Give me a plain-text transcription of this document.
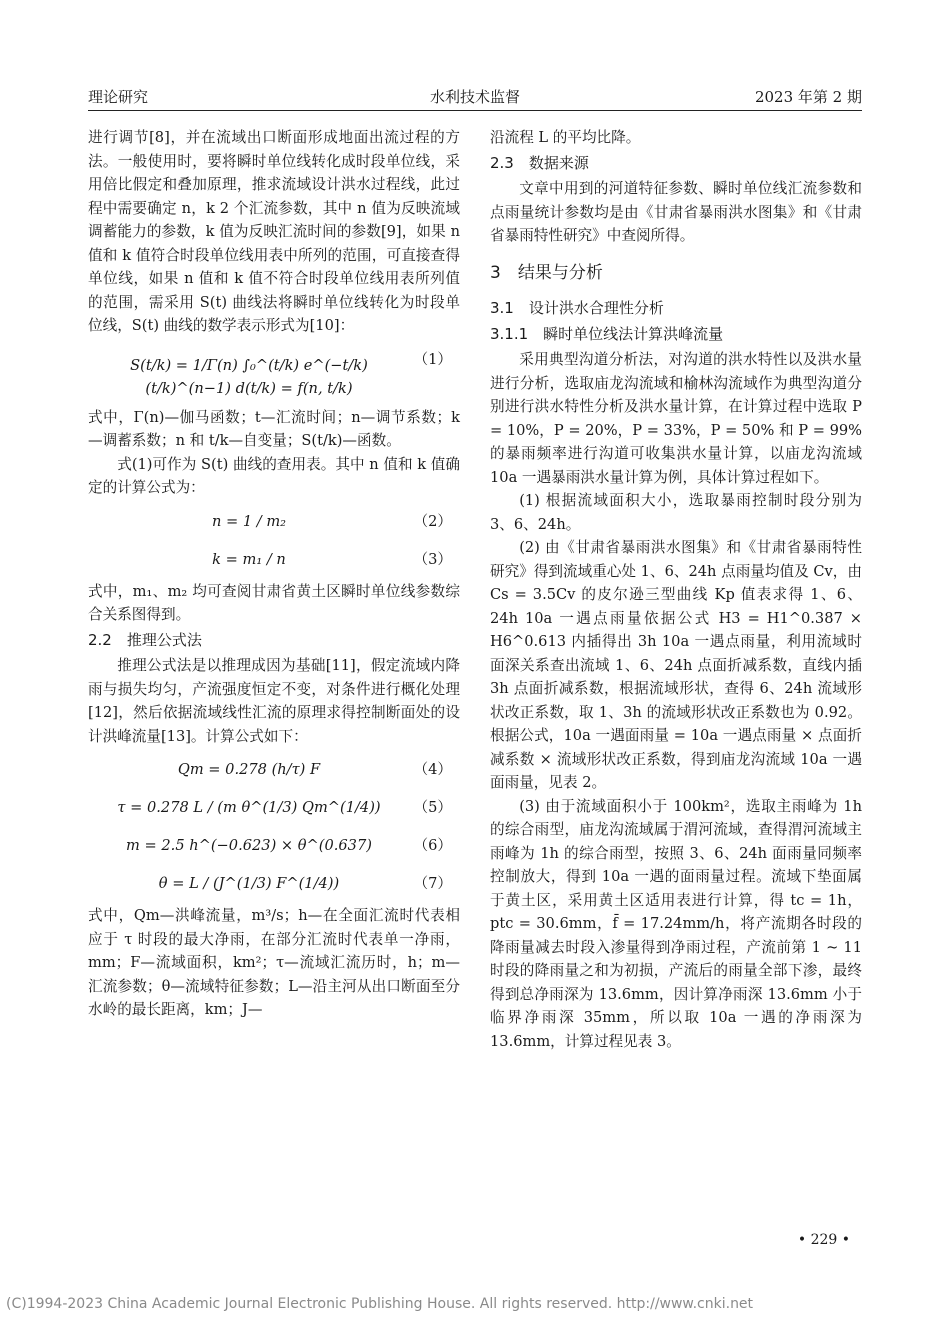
理论研究	水利技术监督	2023 年第 2 期

进行调节[8]，并在流域出口断面形成地面出流过程的方法。一般使用时，要将瞬时单位线转化成时段单位线，采用倍比假定和叠加原理，推求流域设计洪水过程线，此过程中需要确定 n，k 2 个汇流参数，其中 n 值为反映流域调蓄能力的参数，k 值为反映汇流时间的参数[9]，如果 n 值和 k 值符合时段单位线用表中所列的范围，可直接查得单位线，如果 n 值和 k 值不符合时段单位线用表所列值的范围，需采用 S(t) 曲线法将瞬时单位线转化为时段单位线，S(t) 曲线的数学表示形式为[10]：

S(t/k) = 1/Γ(n) ∫₀^(t/k) e^(−t/k) (t/k)^(n−1) d(t/k) = f(n, t/k)
（1）

式中，Γ(n)—伽马函数；t—汇流时间；n—调节系数；k—调蓄系数；n 和 t/k—自变量；S(t/k)—函数。

式(1)可作为 S(t) 曲线的查用表。其中 n 值和 k 值确定的计算公式为：

n = 1 / m₂	（2）
k = m₁ / n	（3）

式中，m₁、m₂ 均可查阅甘肃省黄土区瞬时单位线参数综合关系图得到。

2.2　推理公式法

推理公式法是以推理成因为基础[11]，假定流域内降雨与损失均匀，产流强度恒定不变，对条件进行概化处理[12]，然后依据流域线性汇流的原理求得控制断面处的设计洪峰流量[13]。计算公式如下：

Qm = 0.278 (h/τ) F	（4）
τ = 0.278 L / (m θ^(1/3) Qm^(1/4))	（5）
m = 2.5 h^(−0.623) × θ^(0.637)	（6）
θ = L / (J^(1/3) F^(1/4))	（7）

式中，Qm—洪峰流量，m³/s；h—在全面汇流时代表相应于 τ 时段的最大净雨，在部分汇流时代表单一净雨，mm；F—流域面积，km²；τ—流域汇流历时，h；m—汇流参数；θ—流域特征参数；L—沿主河从出口断面至分水岭的最长距离，km；J—

沿流程 L 的平均比降。

2.3　数据来源

文章中用到的河道特征参数、瞬时单位线汇流参数和点雨量统计参数均是由《甘肃省暴雨洪水图集》和《甘肃省暴雨特性研究》中查阅所得。

3　结果与分析

3.1　设计洪水合理性分析

3.1.1　瞬时单位线法计算洪峰流量

采用典型沟道分析法，对沟道的洪水特性以及洪水量进行分析，选取庙龙沟流域和榆林沟流域作为典型沟道分别进行洪水特性分析及洪水量计算，在计算过程中选取 P = 10%，P = 20%，P = 33%，P = 50% 和 P = 99% 的暴雨频率进行沟道可收集洪水量计算，以庙龙沟流域 10a 一遇暴雨洪水量计算为例，具体计算过程如下。

(1) 根据流域面积大小，选取暴雨控制时段分别为 3、6、24h。

(2) 由《甘肃省暴雨洪水图集》和《甘肃省暴雨特性研究》得到流域重心处 1、6、24h 点雨量均值及 Cv，由 Cs = 3.5Cv 的皮尔逊三型曲线 Kp 值表求得 1、6、24h 10a 一遇点雨量依据公式 H3 = H1^0.387 × H6^0.613 内插得出 3h 10a 一遇点雨量，利用流域时面深关系查出流域 1、6、24h 点面折减系数，直线内插 3h 点面折减系数，根据流域形状，查得 6、24h 流域形状改正系数，取 1、3h 的流域形状改正系数也为 0.92。根据公式，10a 一遇面雨量 = 10a 一遇点雨量 × 点面折减系数 × 流域形状改正系数，得到庙龙沟流域 10a 一遇面雨量，见表 2。

(3) 由于流域面积小于 100km²，选取主雨峰为 1h 的综合雨型，庙龙沟流域属于渭河流域，查得渭河流域主雨峰为 1h 的综合雨型，按照 3、6、24h 面雨量同频率控制放大，得到 10a 一遇的面雨量过程。流域下垫面属于黄土区，采用黄土区适用表进行计算，得 tc = 1h，ptc = 30.6mm，f̄ = 17.24mm/h，将产流期各时段的降雨量减去时段入渗量得到净雨过程，产流前第 1 ~ 11 时段的降雨量之和为初损，产流后的雨量全部下渗，最终得到总净雨深为 13.6mm，因计算净雨深 13.6mm 小于临界净雨深 35mm，所以取 10a 一遇的净雨深为 13.6mm，计算过程见表 3。

• 229 •
(C)1994-2023 China Academic Journal Electronic Publishing House. All rights reserved. http://www.cnki.net
